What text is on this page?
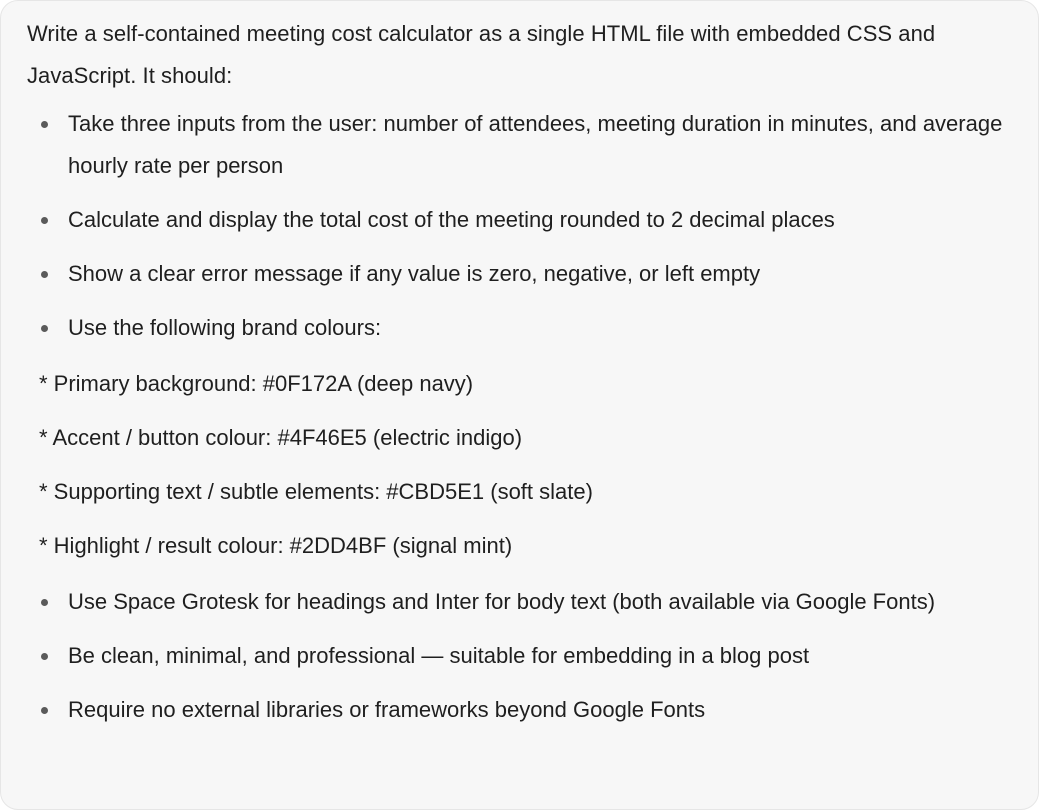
Write a self-contained meeting cost calculator as a single HTML file with embedded CSS and JavaScript. It should:

Take three inputs from the user: number of attendees, meeting duration in minutes, and average hourly rate per person
Calculate and display the total cost of the meeting rounded to 2 decimal places
Show a clear error message if any value is zero, negative, or left empty
Use the following brand colours:
* Primary background: #0F172A (deep navy)
* Accent / button colour: #4F46E5 (electric indigo)
* Supporting text / subtle elements: #CBD5E1 (soft slate)
* Highlight / result colour: #2DD4BF (signal mint)
Use Space Grotesk for headings and Inter for body text (both available via Google Fonts)
Be clean, minimal, and professional — suitable for embedding in a blog post
Require no external libraries or frameworks beyond Google Fonts
